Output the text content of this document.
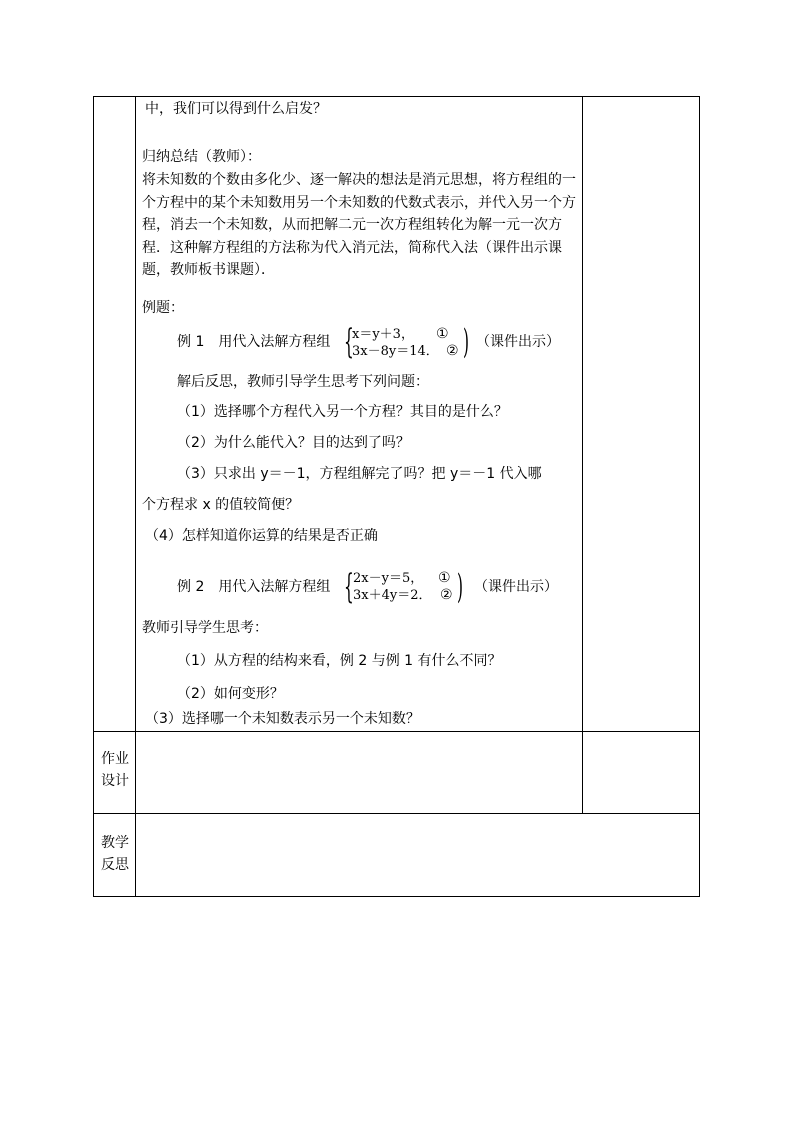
中，我们可以得到什么启发？
归纳总结（教师）：
将未知数的个数由多化少、逐一解决的想法是消元思想，将方程组的一个方程中的某个未知数用另一个未知数的代数式表示，并代入另一个方程，消去一个未知数，从而把解二元一次方程组转化为解一元一次方程．这种解方程组的方法称为代入消元法，简称代入法（课件出示课题，教师板书课题）．
例题：
例 1　用代入法解方程组 {
x＝y＋3，
3x－8y＝14．
①
② ) （课件出示）
解后反思，教师引导学生思考下列问题：
（1）选择哪个方程代入另一个方程？其目的是什么？
（2）为什么能代入？目的达到了吗？
（3）只求出 y＝－1，方程组解完了吗？把 y＝－1 代入哪
个方程求 x 的值较简便？
（4）怎样知道你运算的结果是否正确
例 2　用代入法解方程组 { 2x－y＝5，
3x＋4y＝2．
①
② ) （课件出示）
教师引导学生思考：
（1）从方程的结构来看，例 2 与例 1 有什么不同？
（2）如何变形？
（3）选择哪一个未知数表示另一个未知数？
作业
设计
教学
反思
